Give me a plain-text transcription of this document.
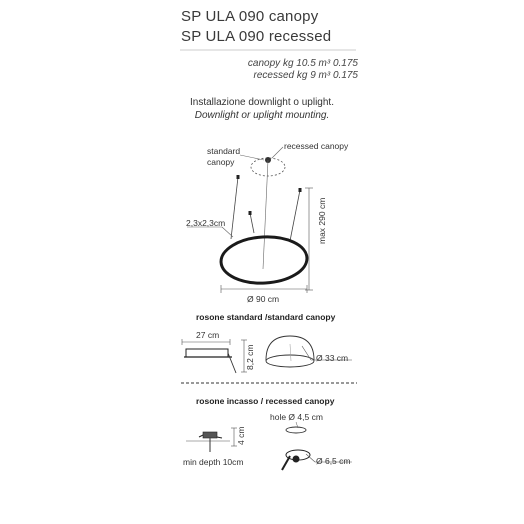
SP ULA 090 canopy
SP ULA 090 recessed
canopy kg 10.5 m³ 0.175
recessed kg 9 m³ 0.175
Installazione downlight o uplight.
Downlight or uplight mounting.
standard
canopy
recessed canopy
2,3x2,3cm	max 290 cm
Ø 90 cm
rosone standard /standard canopy
27 cm
8,2 cm	Ø 33 cm
rosone incasso / recessed canopy
4 cm
min depth 10cm
hole Ø 4,5 cm
Ø 6,5 cm
